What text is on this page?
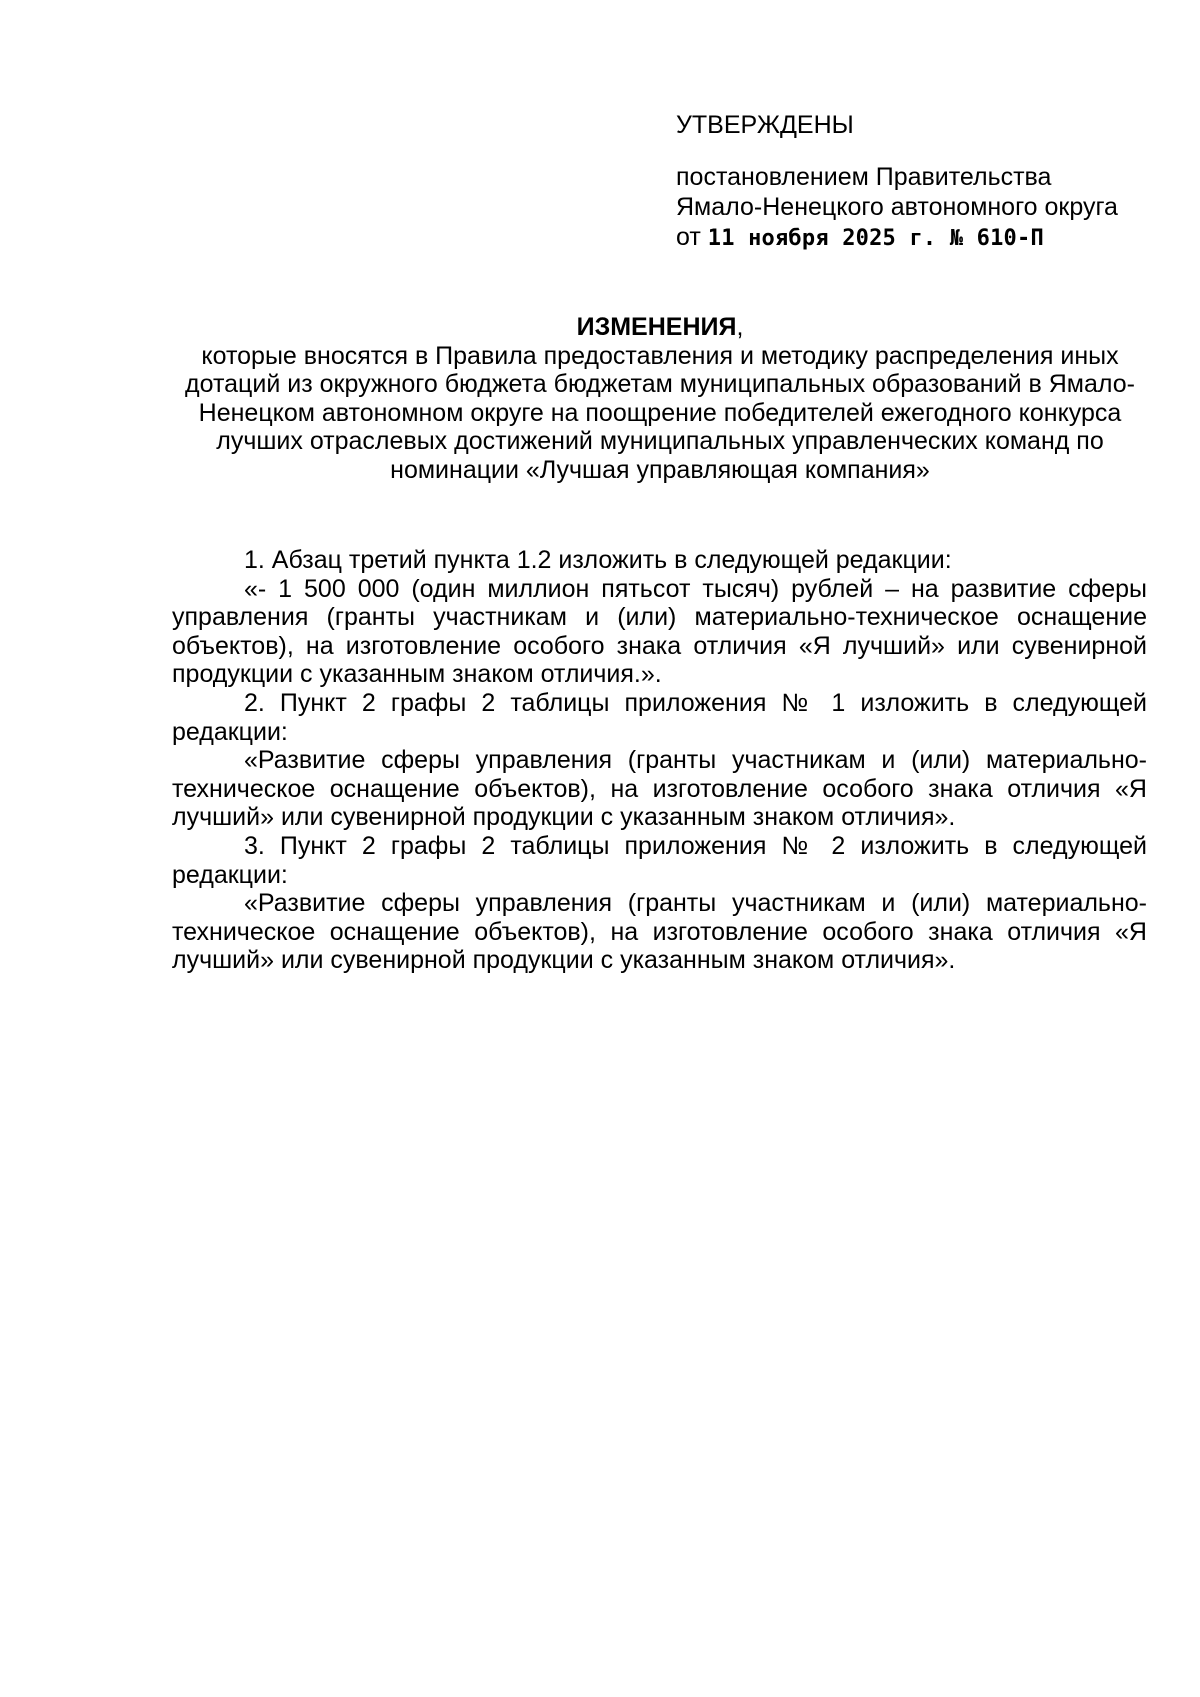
УТВЕРЖДЕНЫ
постановлением Правительства
Ямало-Ненецкого автономного округа
от 11 ноября 2025 г. № 610-П
ИЗМЕНЕНИЯ,
которые вносятся в Правила предоставления и методику распределения иных дотаций из окружного бюджета бюджетам муниципальных образований в Ямало-Ненецком автономном округе на поощрение победителей ежегодного конкурса лучших отраслевых достижений муниципальных управленческих команд по номинации «Лучшая управляющая компания»

1. Абзац третий пункта 1.2 изложить в следующей редакции:

«- 1 500 000 (один миллион пятьсот тысяч) рублей – на развитие сферы управления (гранты участникам и (или) материально-техническое оснащение объектов), на изготовление особого знака отличия «Я лучший» или сувенирной продукции с указанным знаком отличия.».

2. Пункт 2 графы 2 таблицы приложения № 1 изложить в следующей редакции:

«Развитие сферы управления (гранты участникам и (или) материально-техническое оснащение объектов), на изготовление особого знака отличия «Я лучший» или сувенирной продукции с указанным знаком отличия».

3. Пункт 2 графы 2 таблицы приложения № 2 изложить в следующей редакции:

«Развитие сферы управления (гранты участникам и (или) материально-техническое оснащение объектов), на изготовление особого знака отличия «Я лучший» или сувенирной продукции с указанным знаком отличия».
